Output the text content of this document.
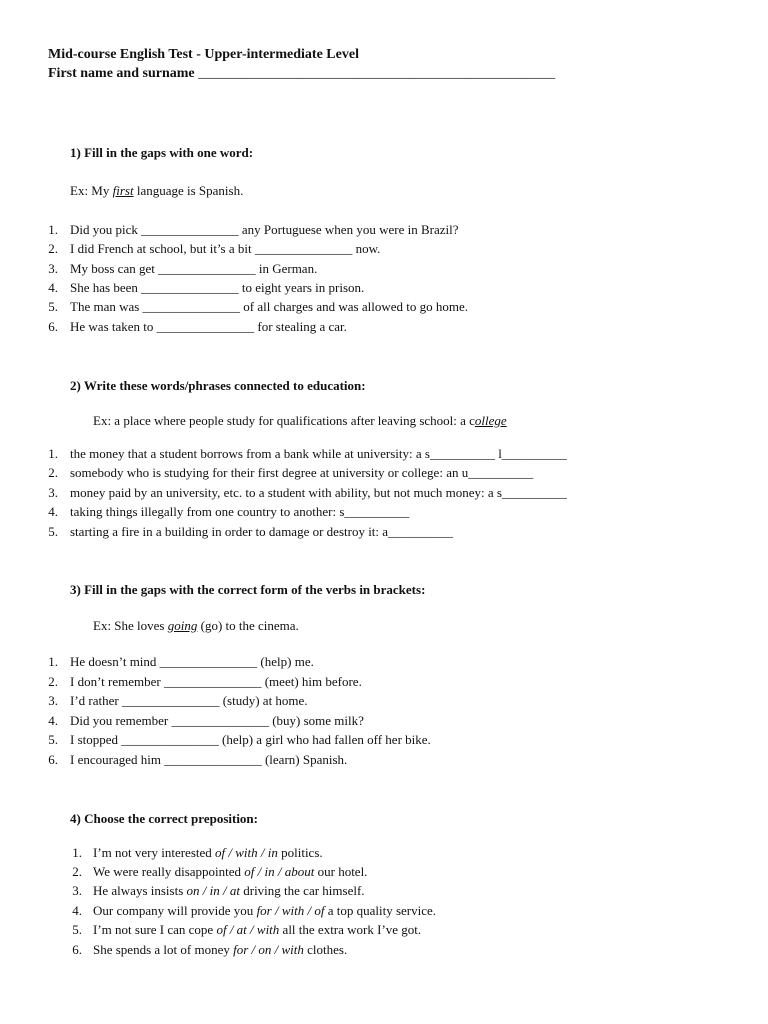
Mid-course English Test - Upper-intermediate Level
First name and surname ___________________________________________________
1) Fill in the gaps with one word:
Ex: My first language is Spanish.
1. Did you pick _______________ any Portuguese when you were in Brazil?
2. I did French at school, but it’s a bit _______________ now.
3. My boss can get _______________ in German.
4. She has been _______________ to eight years in prison.
5. The man was _______________ of all charges and was allowed to go home.
6. He was taken to _______________ for stealing a car.
2) Write these words/phrases connected to education:
Ex: a place where people study for qualifications after leaving school: a college
1. the money that a student borrows from a bank while at university: a s__________ l__________
2. somebody who is studying for their first degree at university or college: an u__________
3. money paid by an university, etc. to a student with ability, but not much money: a s__________
4. taking things illegally from one country to another: s__________
5. starting a fire in a building in order to damage or destroy it: a__________
3) Fill in the gaps with the correct form of the verbs in brackets:
Ex: She loves going (go) to the cinema.
1. He doesn’t mind _______________ (help) me.
2. I don’t remember _______________ (meet) him before.
3. I’d rather _______________ (study) at home.
4. Did you remember _______________ (buy) some milk?
5. I stopped _______________ (help) a girl who had fallen off her bike.
6. I encouraged him _______________ (learn) Spanish.
4) Choose the correct preposition:
1. I’m not very interested of / with / in politics.
2. We were really disappointed of / in / about our hotel.
3. He always insists on / in / at driving the car himself.
4. Our company will provide you for / with / of a top quality service.
5. I’m not sure I can cope of / at / with all the extra work I’ve got.
6. She spends a lot of money for / on / with clothes.
